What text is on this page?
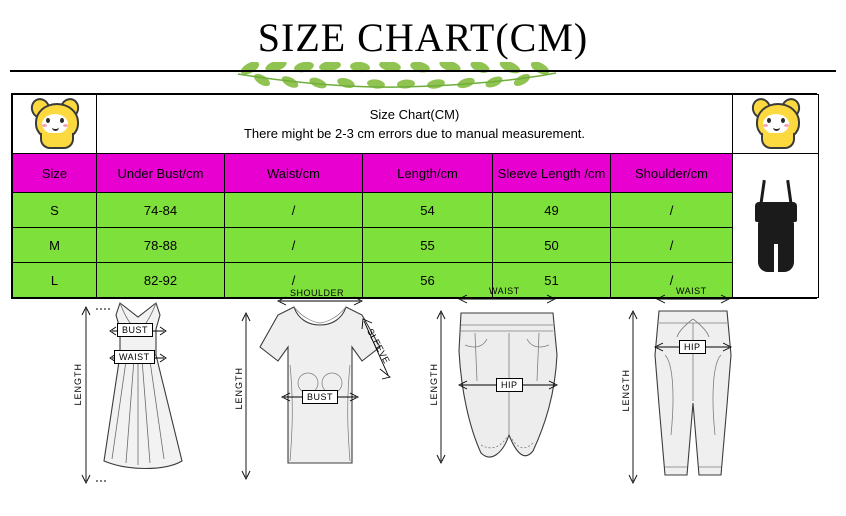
SIZE CHART(CM)

	Size Chart(CM)
There might be 2-3 cm errors due to manual measurement.					

Size	Under Bust/cm	Waist/cm	Length/cm	Sleeve Length /cm	Shoulder/cm	

S	74-84	/	54	49	/	
M	78-88	/	55	50	/	
L	82-92	/	56	51	/	
LENGTH
BUST
WAIST
SHOULDER
BUST
LENGTH
SLEEVE
WAIST
HIP
LENGTH
WAIST
HIP
LENGTH
